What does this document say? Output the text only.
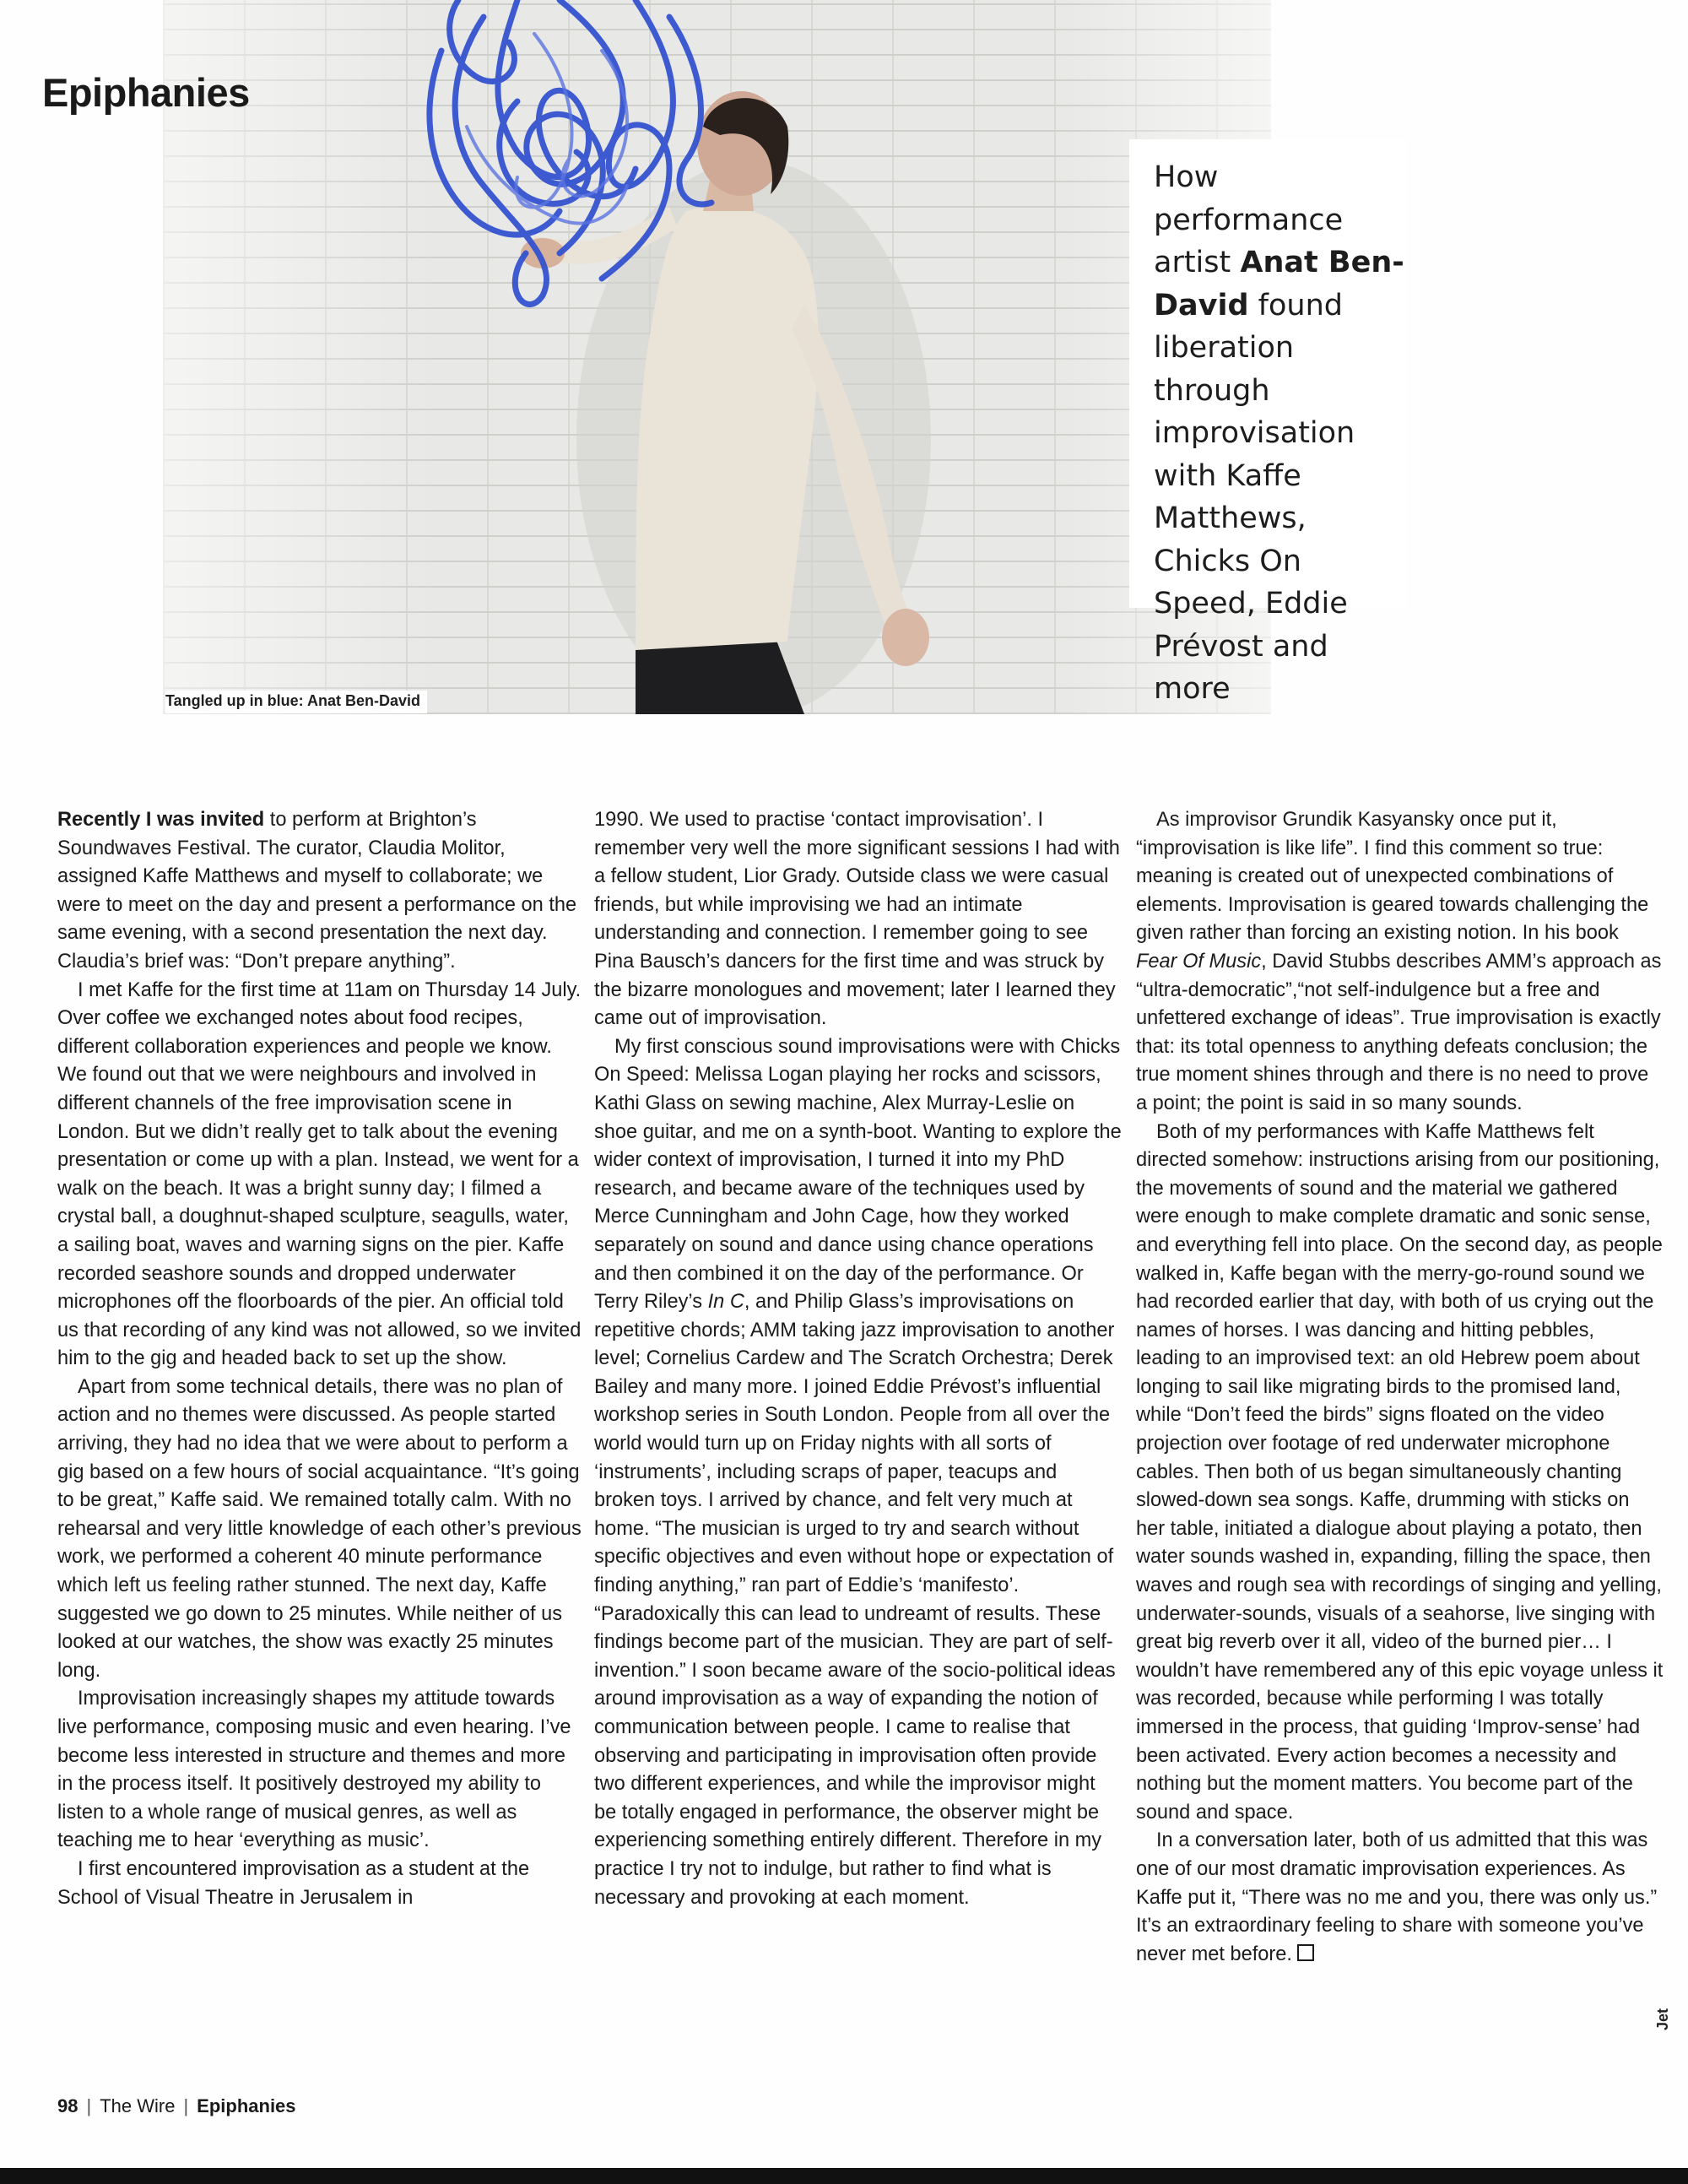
Epiphanies

How performance artist Anat Ben-David found liberation through improvisation with Kaffe Matthews, Chicks On Speed, Eddie Prévost and more

Tangled up in blue: Anat Ben-David

Recently I was invited to perform at Brighton’s Soundwaves Festival. The curator, Claudia Molitor, assigned Kaffe Matthews and myself to collaborate; we were to meet on the day and present a performance on the same evening, with a second presentation the next day. Claudia’s brief was: “Don’t prepare anything”.

I met Kaffe for the first time at 11am on Thursday 14 July. Over coffee we exchanged notes about food recipes, different collaboration experiences and people we know. We found out that we were neighbours and involved in different channels of the free improvisation scene in London. But we didn’t really get to talk about the evening presentation or come up with a plan. Instead, we went for a walk on the beach. It was a bright sunny day; I filmed a crystal ball, a doughnut-shaped sculpture, seagulls, water, a sailing boat, waves and warning signs on the pier. Kaffe recorded seashore sounds and dropped underwater microphones off the floorboards of the pier. An official told us that recording of any kind was not allowed, so we invited him to the gig and headed back to set up the show.

Apart from some technical details, there was no plan of action and no themes were discussed. As people started arriving, they had no idea that we were about to perform a gig based on a few hours of social acquaintance. “It’s going to be great,” Kaffe said. We remained totally calm. With no rehearsal and very little knowledge of each other’s previous work, we performed a coherent 40 minute performance which left us feeling rather stunned. The next day, Kaffe suggested we go down to 25 minutes. While neither of us looked at our watches, the show was exactly 25 minutes long.

Improvisation increasingly shapes my attitude towards live performance, composing music and even hearing. I’ve become less interested in structure and themes and more in the process itself. It positively destroyed my ability to listen to a whole range of musical genres, as well as teaching me to hear ‘everything as music’.

I first encountered improvisation as a student at the School of Visual Theatre in Jerusalem in

1990. We used to practise ‘contact improvisation’. I remember very well the more significant sessions I had with a fellow student, Lior Grady. Outside class we were casual friends, but while improvising we had an intimate understanding and connection. I remember going to see Pina Bausch’s dancers for the first time and was struck by the bizarre monologues and movement; later I learned they came out of improvisation.

My first conscious sound improvisations were with Chicks On Speed: Melissa Logan playing her rocks and scissors, Kathi Glass on sewing machine, Alex Murray-Leslie on shoe guitar, and me on a synth-boot. Wanting to explore the wider context of improvisation, I turned it into my PhD research, and became aware of the techniques used by Merce Cunningham and John Cage, how they worked separately on sound and dance using chance operations and then combined it on the day of the performance. Or Terry Riley’s In C, and Philip Glass’s improvisations on repetitive chords; AMM taking jazz improvisation to another level; Cornelius Cardew and The Scratch Orchestra; Derek Bailey and many more. I joined Eddie Prévost’s influential workshop series in South London. People from all over the world would turn up on Friday nights with all sorts of ‘instruments’, including scraps of paper, teacups and broken toys. I arrived by chance, and felt very much at home. “The musician is urged to try and search without specific objectives and even without hope or expectation of finding anything,” ran part of Eddie’s ‘manifesto’. “Paradoxically this can lead to undreamt of results. These findings become part of the musician. They are part of self-invention.” I soon became aware of the socio-political ideas around improvisation as a way of expanding the notion of communication between people. I came to realise that observing and participating in improvisation often provide two different experiences, and while the improvisor might be totally engaged in performance, the observer might be experiencing something entirely different. Therefore in my practice I try not to indulge, but rather to find what is necessary and provoking at each moment.

As improvisor Grundik Kasyansky once put it, “improvisation is like life”. I find this comment so true: meaning is created out of unexpected combinations of elements. Improvisation is geared towards challenging the given rather than forcing an existing notion. In his book Fear Of Music, David Stubbs describes AMM’s approach as “ultra-democratic”,“not self-indulgence but a free and unfettered exchange of ideas”. True improvisation is exactly that: its total openness to anything defeats conclusion; the true moment shines through and there is no need to prove a point; the point is said in so many sounds.

Both of my performances with Kaffe Matthews felt directed somehow: instructions arising from our positioning, the movements of sound and the material we gathered were enough to make complete dramatic and sonic sense, and everything fell into place. On the second day, as people walked in, Kaffe began with the merry-go-round sound we had recorded earlier that day, with both of us crying out the names of horses. I was dancing and hitting pebbles, leading to an improvised text: an old Hebrew poem about longing to sail like migrating birds to the promised land, while “Don’t feed the birds” signs floated on the video projection over footage of red underwater microphone cables. Then both of us began simultaneously chanting slowed-down sea songs. Kaffe, drumming with sticks on her table, initiated a dialogue about playing a potato, then water sounds washed in, expanding, filling the space, then waves and rough sea with recordings of singing and yelling, underwater-sounds, visuals of a seahorse, live singing with great big reverb over it all, video of the burned pier… I wouldn’t have remembered any of this epic voyage unless it was recorded, because while performing I was totally immersed in the process, that guiding ‘Improv-sense’ had been activated. Every action becomes a necessity and nothing but the moment matters. You become part of the sound and space.

In a conversation later, both of us admitted that this was one of our most dramatic improvisation experiences. As Kaffe put it, “There was no me and you, there was only us.” It’s an extraordinary feeling to share with someone you’ve never met before.

98 | The Wire | Epiphanies
Jet
